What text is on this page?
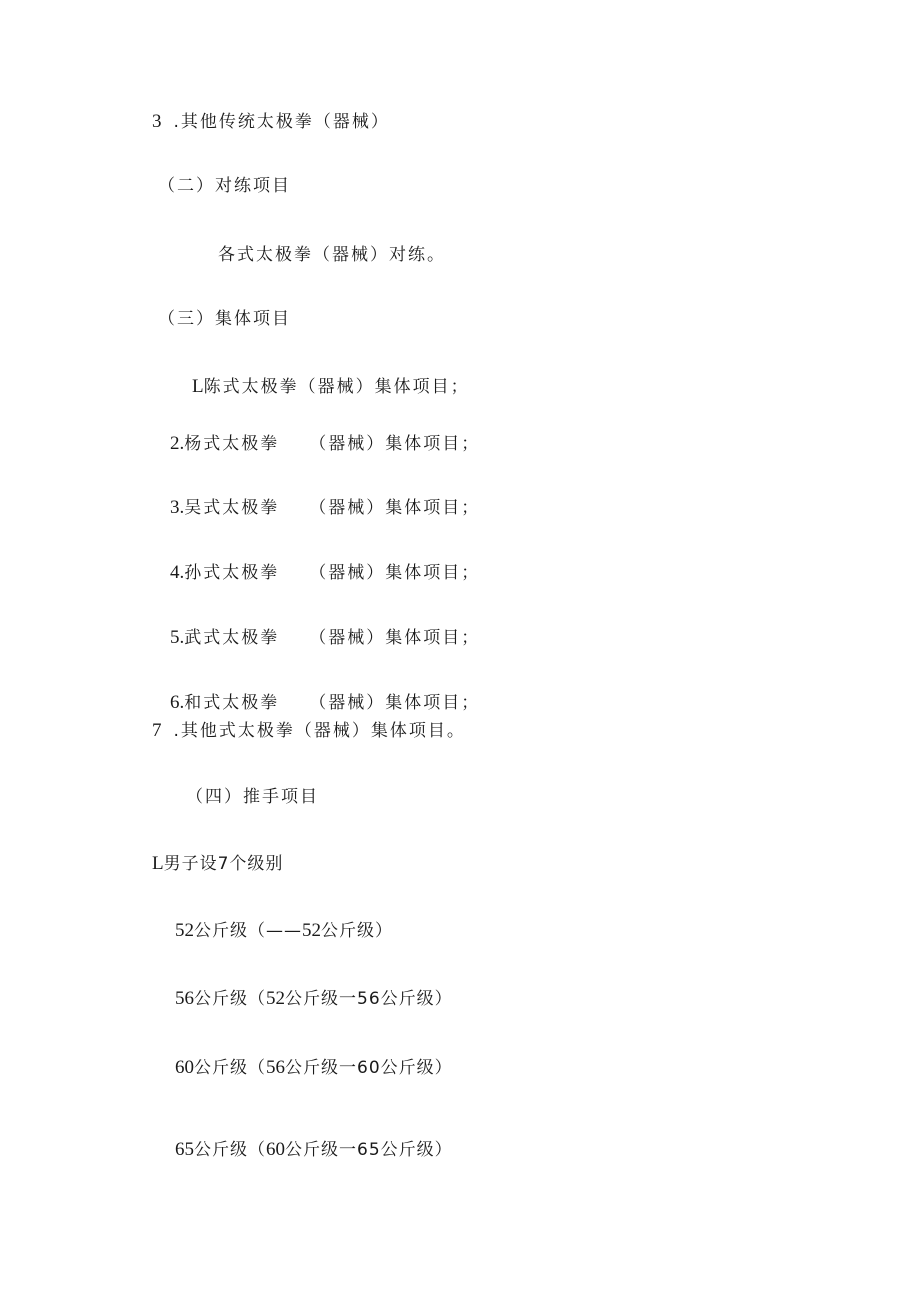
3 .其他传统太极拳（器械）
（二）对练项目
各式太极拳（器械）对练。
（三）集体项目
L陈式太极拳（器械）集体项目；
2.杨式太极拳 （器械）集体项目；
3.吴式太极拳 （器械）集体项目；
4.孙式太极拳 （器械）集体项目；
5.武式太极拳 （器械）集体项目；
6.和式太极拳 （器械）集体项目；
7 .其他式太极拳（器械）集体项目。
（四）推手项目
L男子设7个级别
52公斤级（——52公斤级）
56公斤级（52公斤级一56公斤级）
60公斤级（56公斤级一60公斤级）
65公斤级（60公斤级一65公斤级）
